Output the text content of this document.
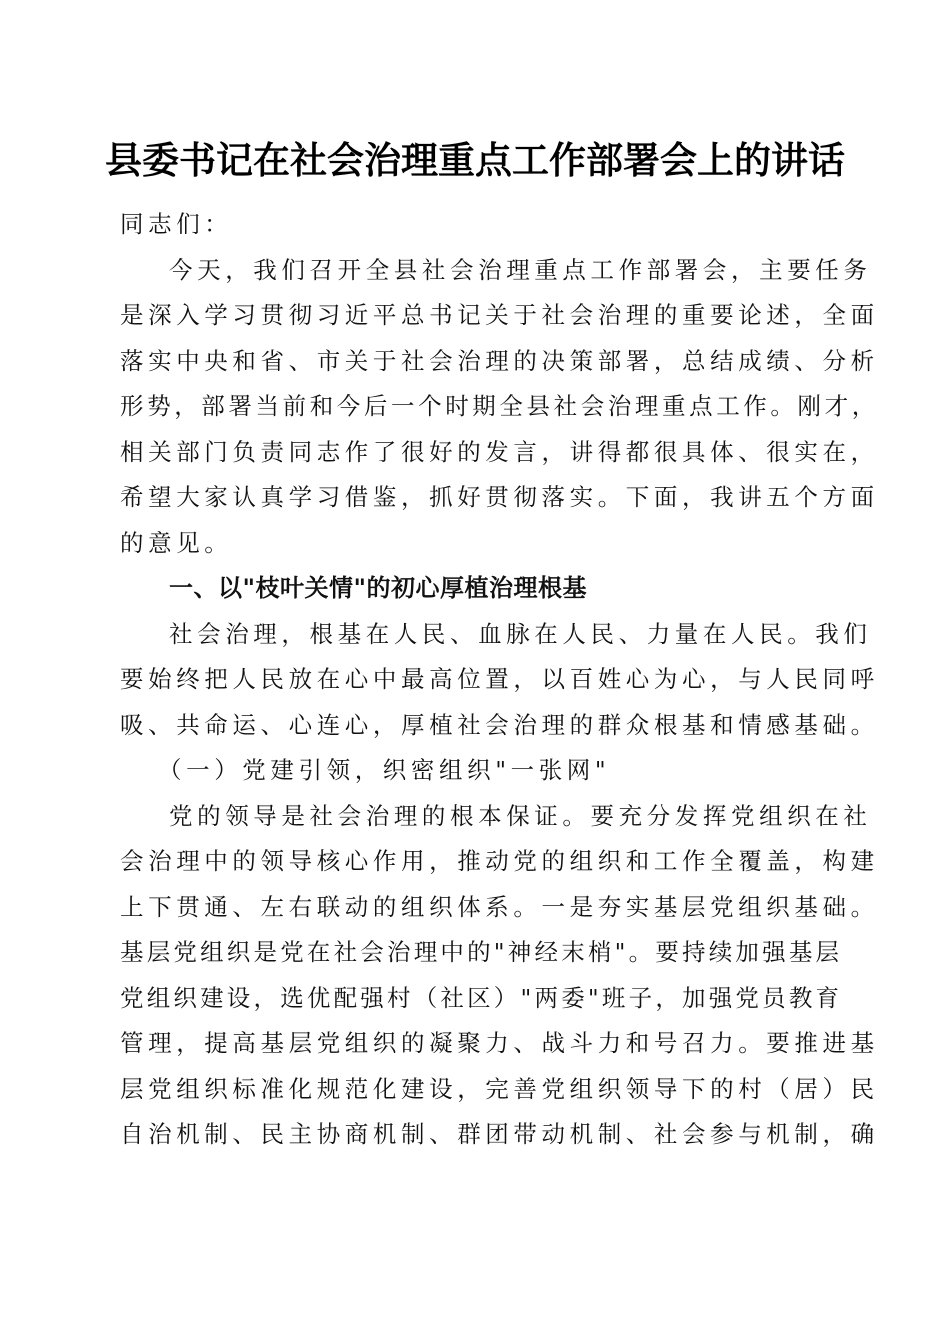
县委书记在社会治理重点工作部署会上的讲话
同志们：
今天，我们召开全县社会治理重点工作部署会，主要任务
是深入学习贯彻习近平总书记关于社会治理的重要论述，全面
落实中央和省、市关于社会治理的决策部署，总结成绩、分析
形势，部署当前和今后一个时期全县社会治理重点工作。刚才，
相关部门负责同志作了很好的发言，讲得都很具体、很实在，
希望大家认真学习借鉴，抓好贯彻落实。下面，我讲五个方面
的意见。
一、以"枝叶关情"的初心厚植治理根基
社会治理，根基在人民、血脉在人民、力量在人民。我们
要始终把人民放在心中最高位置，以百姓心为心，与人民同呼
吸、共命运、心连心，厚植社会治理的群众根基和情感基础。
（一）党建引领，织密组织"一张网"
党的领导是社会治理的根本保证。要充分发挥党组织在社
会治理中的领导核心作用，推动党的组织和工作全覆盖，构建
上下贯通、左右联动的组织体系。一是夯实基层党组织基础。
基层党组织是党在社会治理中的"神经末梢"。要持续加强基层
党组织建设，选优配强村（社区）"两委"班子，加强党员教育
管理，提高基层党组织的凝聚力、战斗力和号召力。要推进基
层党组织标准化规范化建设，完善党组织领导下的村（居）民
自治机制、民主协商机制、群团带动机制、社会参与机制，确
